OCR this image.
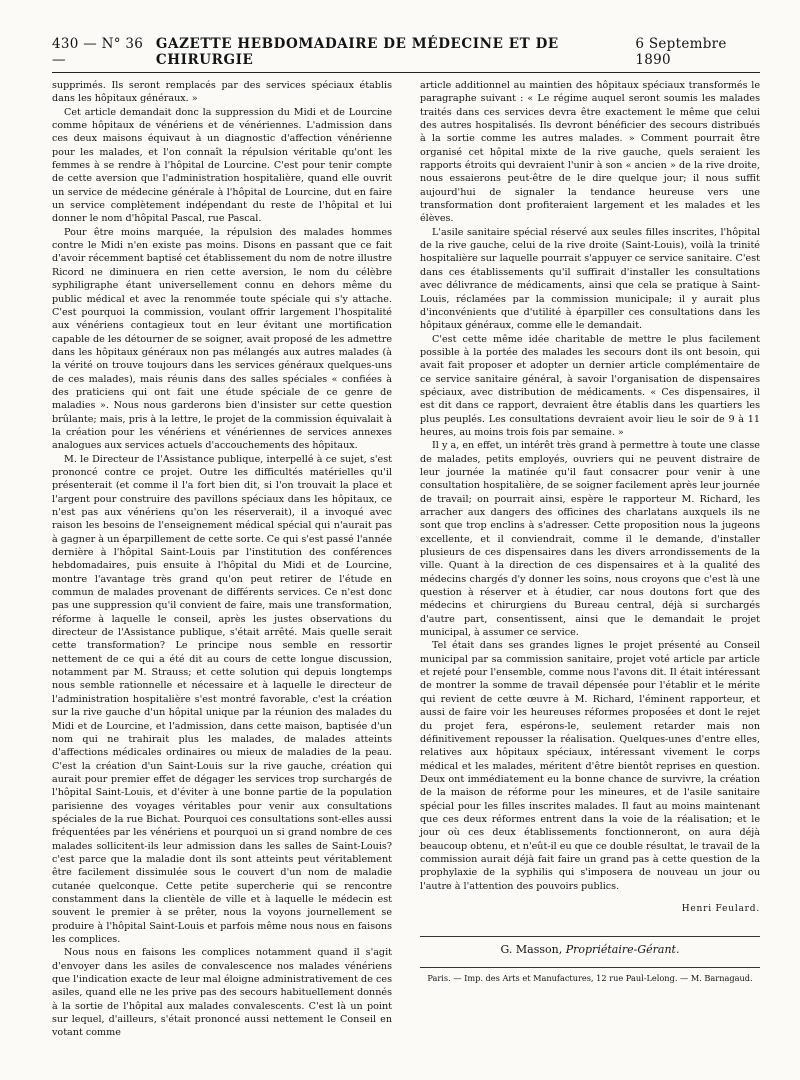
430 — N° 36 —
GAZETTE HEBDOMADAIRE DE MÉDECINE ET DE CHIRURGIE
6 Septembre 1890

supprimés. Ils seront remplacés par des services spéciaux établis dans les hôpitaux généraux. »

Cet article demandait donc la suppression du Midi et de Lourcine comme hôpitaux de vénériens et de vénériennes. L'admission dans ces deux maisons équivaut à un diagnostic d'affection vénérienne pour les malades, et l'on connaît la répulsion véritable qu'ont les femmes à se rendre à l'hôpital de Lourcine. C'est pour tenir compte de cette aversion que l'administration hospitalière, quand elle ouvrit un service de médecine générale à l'hôpital de Lourcine, dut en faire un service complètement indépendant du reste de l'hôpital et lui donner le nom d'hôpital Pascal, rue Pascal.

Pour être moins marquée, la répulsion des malades hommes contre le Midi n'en existe pas moins. Disons en passant que ce fait d'avoir récemment baptisé cet établissement du nom de notre illustre Ricord ne diminuera en rien cette aversion, le nom du célèbre syphiligraphe étant universellement connu en dehors même du public médical et avec la renommée toute spéciale qui s'y attache. C'est pourquoi la commission, voulant offrir largement l'hospitalité aux vénériens contagieux tout en leur évitant une mortification capable de les détourner de se soigner, avait proposé de les admettre dans les hôpitaux généraux non pas mélangés aux autres malades (à la vérité on trouve toujours dans les services généraux quelques-uns de ces malades), mais réunis dans des salles spéciales « confiées à des praticiens qui ont fait une étude spéciale de ce genre de maladies ». Nous nous garderons bien d'insister sur cette question brûlante; mais, pris à la lettre, le projet de la commission équivalait à la création pour les vénériens et vénériennes de services annexes analogues aux services actuels d'accouchements des hôpitaux.

M. le Directeur de l'Assistance publique, interpellé à ce sujet, s'est prononcé contre ce projet. Outre les difficultés matérielles qu'il présenterait (et comme il l'a fort bien dit, si l'on trouvait la place et l'argent pour construire des pavillons spéciaux dans les hôpitaux, ce n'est pas aux vénériens qu'on les réserverait), il a invoqué avec raison les besoins de l'enseignement médical spécial qui n'aurait pas à gagner à un éparpillement de cette sorte. Ce qui s'est passé l'année dernière à l'hôpital Saint-Louis par l'institution des conférences hebdomadaires, puis ensuite à l'hôpital du Midi et de Lourcine, montre l'avantage très grand qu'on peut retirer de l'étude en commun de malades provenant de différents services. Ce n'est donc pas une suppression qu'il convient de faire, mais une transformation, réforme à laquelle le conseil, après les justes observations du directeur de l'Assistance publique, s'était arrêté. Mais quelle serait cette transformation? Le principe nous semble en ressortir nettement de ce qui a été dit au cours de cette longue discussion, notamment par M. Strauss; et cette solution qui depuis longtemps nous semble rationnelle et nécessaire et à laquelle le directeur de l'administration hospitalière s'est montré favorable, c'est la création sur la rive gauche d'un hôpital unique par la réunion des malades du Midi et de Lourcine, et l'admission, dans cette maison, baptisée d'un nom qui ne trahirait plus les malades, de malades atteints d'affections médicales ordinaires ou mieux de maladies de la peau. C'est la création d'un Saint-Louis sur la rive gauche, création qui aurait pour premier effet de dégager les services trop surchargés de l'hôpital Saint-Louis, et d'éviter à une bonne partie de la population parisienne des voyages véritables pour venir aux consultations spéciales de la rue Bichat. Pourquoi ces consultations sont-elles aussi fréquentées par les vénériens et pourquoi un si grand nombre de ces malades sollicitent-ils leur admission dans les salles de Saint-Louis? c'est parce que la maladie dont ils sont atteints peut véritablement être facilement dissimulée sous le couvert d'un nom de maladie cutanée quelconque. Cette petite supercherie qui se rencontre constamment dans la clientèle de ville et à laquelle le médecin est souvent le premier à se prêter, nous la voyons journellement se produire à l'hôpital Saint-Louis et parfois même nous nous en faisons les complices.

Nous nous en faisons les complices notamment quand il s'agit d'envoyer dans les asiles de convalescence nos malades vénériens que l'indication exacte de leur mal éloigne administrativement de ces asiles, quand elle ne les prive pas des secours habituellement donnés à la sortie de l'hôpital aux malades convalescents. C'est là un point sur lequel, d'ailleurs, s'était prononcé aussi nettement le Conseil en votant comme

article additionnel au maintien des hôpitaux spéciaux transformés le paragraphe suivant : « Le régime auquel seront soumis les malades traités dans ces services devra être exactement le même que celui des autres hospitalisés. Ils devront bénéficier des secours distribués à la sortie comme les autres malades. » Comment pourrait être organisé cet hôpital mixte de la rive gauche, quels seraient les rapports étroits qui devraient l'unir à son « ancien » de la rive droite, nous essaierons peut-être de le dire quelque jour; il nous suffit aujourd'hui de signaler la tendance heureuse vers une transformation dont profiteraient largement et les malades et les élèves.

L'asile sanitaire spécial réservé aux seules filles inscrites, l'hôpital de la rive gauche, celui de la rive droite (Saint-Louis), voilà la trinité hospitalière sur laquelle pourrait s'appuyer ce service sanitaire. C'est dans ces établissements qu'il suffirait d'installer les consultations avec délivrance de médicaments, ainsi que cela se pratique à Saint-Louis, réclamées par la commission municipale; il y aurait plus d'inconvénients que d'utilité à éparpiller ces consultations dans les hôpitaux généraux, comme elle le demandait.

C'est cette même idée charitable de mettre le plus facilement possible à la portée des malades les secours dont ils ont besoin, qui avait fait proposer et adopter un dernier article complémentaire de ce service sanitaire général, à savoir l'organisation de dispensaires spéciaux, avec distribution de médicaments. « Ces dispensaires, il est dit dans ce rapport, devraient être établis dans les quartiers les plus peuplés. Les consultations devraient avoir lieu le soir de 9 à 11 heures, au moins trois fois par semaine. »

Il y a, en effet, un intérêt très grand à permettre à toute une classe de malades, petits employés, ouvriers qui ne peuvent distraire de leur journée la matinée qu'il faut consacrer pour venir à une consultation hospitalière, de se soigner facilement après leur journée de travail; on pourrait ainsi, espère le rapporteur M. Richard, les arracher aux dangers des officines des charlatans auxquels ils ne sont que trop enclins à s'adresser. Cette proposition nous la jugeons excellente, et il conviendrait, comme il le demande, d'installer plusieurs de ces dispensaires dans les divers arrondissements de la ville. Quant à la direction de ces dispensaires et à la qualité des médecins chargés d'y donner les soins, nous croyons que c'est là une question à réserver et à étudier, car nous doutons fort que des médecins et chirurgiens du Bureau central, déjà si surchargés d'autre part, consentissent, ainsi que le demandait le projet municipal, à assumer ce service.

Tel était dans ses grandes lignes le projet présenté au Conseil municipal par sa commission sanitaire, projet voté article par article et rejeté pour l'ensemble, comme nous l'avons dit. Il était intéressant de montrer la somme de travail dépensée pour l'établir et le mérite qui revient de cette œuvre à M. Richard, l'éminent rapporteur, et aussi de faire voir les heureuses réformes proposées et dont le rejet du projet fera, espérons-le, seulement retarder mais non définitivement repousser la réalisation. Quelques-unes d'entre elles, relatives aux hôpitaux spéciaux, intéressant vivement le corps médical et les malades, méritent d'être bientôt reprises en question. Deux ont immédiatement eu la bonne chance de survivre, la création de la maison de réforme pour les mineures, et de l'asile sanitaire spécial pour les filles inscrites malades. Il faut au moins maintenant que ces deux réformes entrent dans la voie de la réalisation; et le jour où ces deux établissements fonctionneront, on aura déjà beaucoup obtenu, et n'eût-il eu que ce double résultat, le travail de la commission aurait déjà fait faire un grand pas à cette question de la prophylaxie de la syphilis qui s'imposera de nouveau un jour ou l'autre à l'attention des pouvoirs publics.

Henri Feulard.
G. Masson, Propriétaire-Gérant.
Paris. — Imp. des Arts et Manufactures, 12 rue Paul-Lelong. — M. Barnagaud.
